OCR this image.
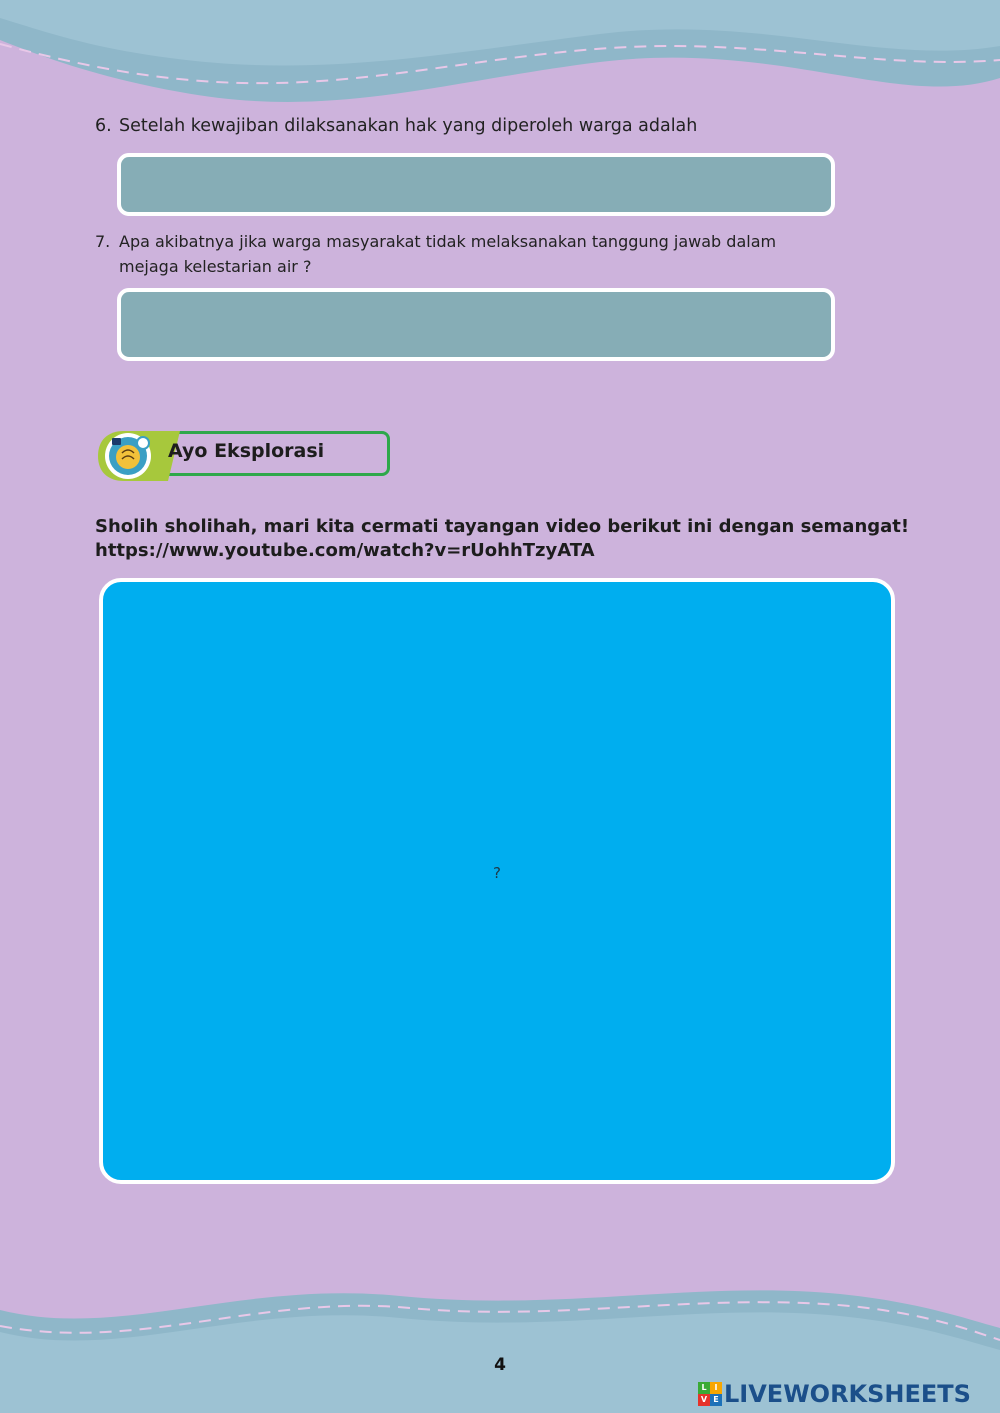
6. Setelah kewajiban dilaksanakan hak yang diperoleh warga adalah
7. Apa akibatnya jika warga masyarakat tidak melaksanakan tanggung jawab dalam
mejaga kelestarian air ?
Ayo Eksplorasi
Sholih sholihah, mari kita cermati tayangan video berikut ini dengan semangat!
https://www.youtube.com/watch?v=rUohhTzyATA
?
4
L I
V E LIVEWORKSHEETS
